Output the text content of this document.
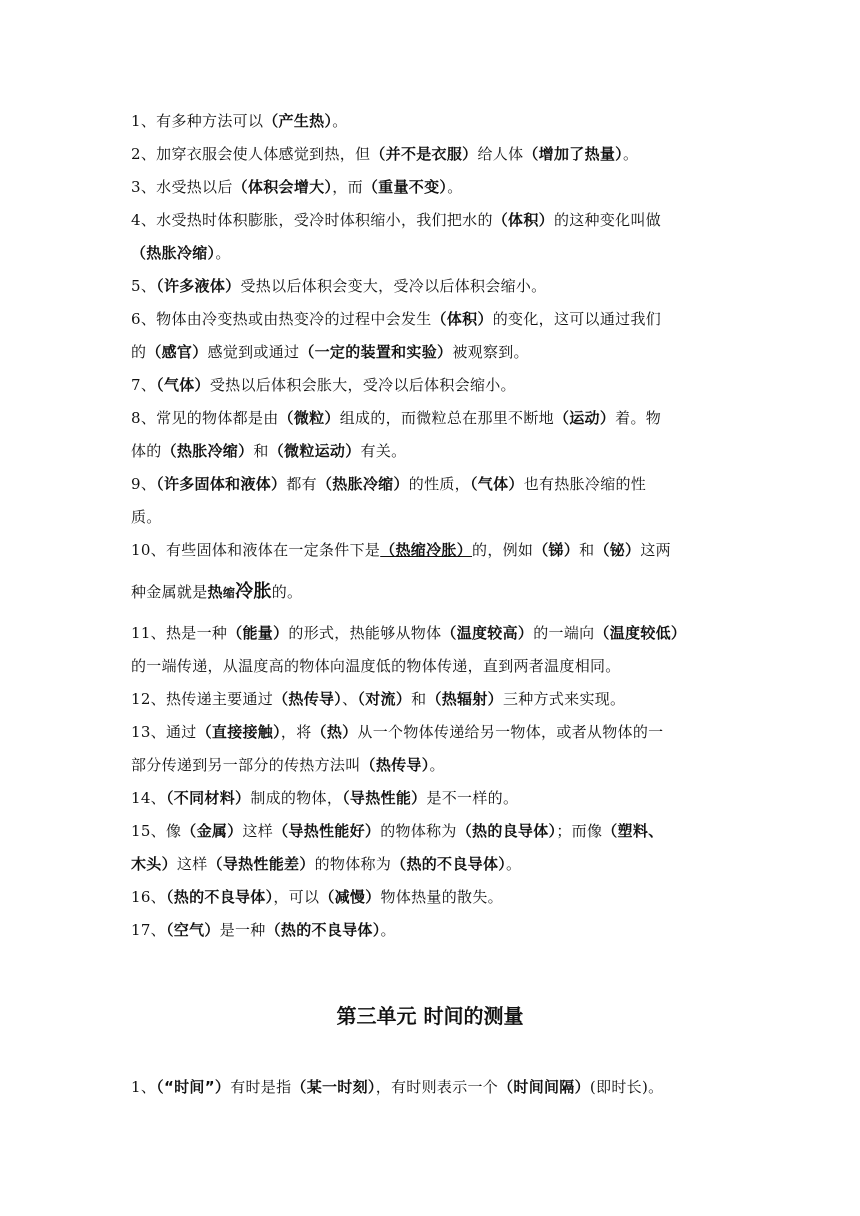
1、有多种方法可以（产生热）。
2、加穿衣服会使人体感觉到热，但（并不是衣服）给人体（增加了热量）。
3、水受热以后（体积会增大），而（重量不变）。
4、水受热时体积膨胀，受冷时体积缩小，我们把水的（体积）的这种变化叫做
（热胀冷缩）。
5、（许多液体）受热以后体积会变大，受冷以后体积会缩小。
6、物体由冷变热或由热变冷的过程中会发生（体积）的变化，这可以通过我们
的（感官）感觉到或通过（一定的装置和实验）被观察到。
7、（气体）受热以后体积会胀大，受冷以后体积会缩小。
8、常见的物体都是由（微粒）组成的，而微粒总在那里不断地（运动）着。物
体的（热胀冷缩）和（微粒运动）有关。
9、（许多固体和液体）都有（热胀冷缩）的性质，（气体）也有热胀冷缩的性
质。
10、有些固体和液体在一定条件下是（热缩冷胀）的，例如（锑）和（铋）这两
种金属就是热缩冷胀的。
11、热是一种（能量）的形式，热能够从物体（温度较高）的一端向（温度较低）
的一端传递，从温度高的物体向温度低的物体传递，直到两者温度相同。
12、热传递主要通过（热传导）、（对流）和（热辐射）三种方式来实现。
13、通过（直接接触），将（热）从一个物体传递给另一物体，或者从物体的一
部分传递到另一部分的传热方法叫（热传导）。
14、（不同材料）制成的物体，（导热性能）是不一样的。
15、像（金属）这样（导热性能好）的物体称为（热的良导体）；而像（塑料、
木头）这样（导热性能差）的物体称为（热的不良导体）。
16、（热的不良导体），可以（减慢）物体热量的散失。
17、（空气）是一种（热的不良导体）。
第三单元 时间的测量
1、（“时间”）有时是指（某一时刻），有时则表示一个（时间间隔）(即时长)。
